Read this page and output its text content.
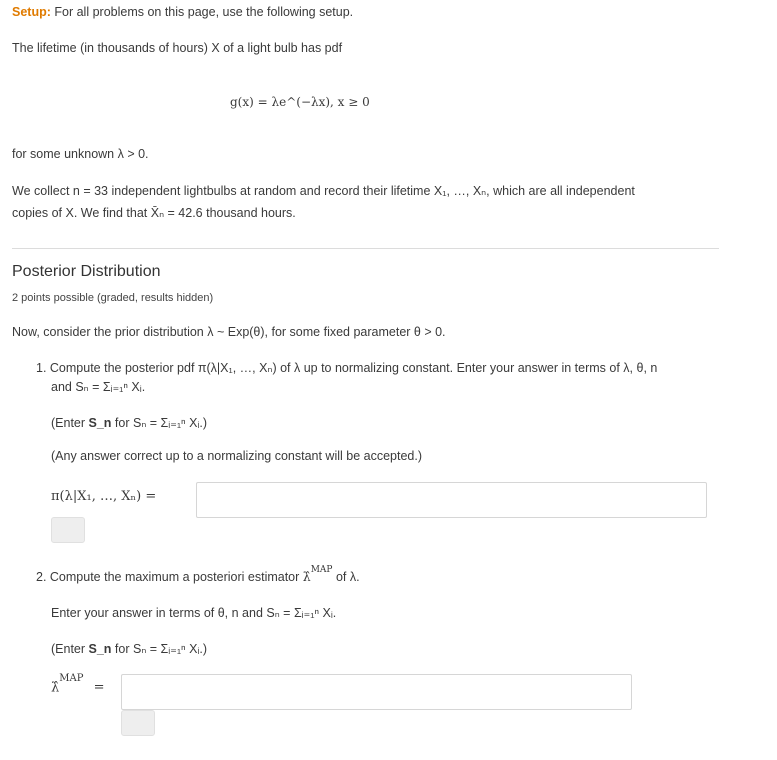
Setup: For all problems on this page, use the following setup.
The lifetime (in thousands of hours) X of a light bulb has pdf
g(x) = λe^(−λx), x ≥ 0
for some unknown λ > 0.
We collect n = 33 independent lightbulbs at random and record their lifetime X₁, …, Xₙ, which are all independent
copies of X. We find that X̄ₙ = 42.6 thousand hours.
Posterior Distribution
2 points possible (graded, results hidden)
Now, consider the prior distribution λ ~ Exp(θ), for some fixed parameter θ > 0.
1. Compute the posterior pdf π(λ|X₁, …, Xₙ) of λ up to normalizing constant. Enter your answer in terms of λ, θ, n
and Sₙ = Σᵢ₌₁ⁿ Xᵢ.
(Enter S_n for Sₙ = Σᵢ₌₁ⁿ Xᵢ.)
(Any answer correct up to a normalizing constant will be accepted.)
π(λ|X₁, …, Xₙ) =
2. Compute the maximum a posteriori estimator λ̂$^{MAP}$ of λ.
Enter your answer in terms of θ, n and Sₙ = Σᵢ₌₁ⁿ Xᵢ.
(Enter S_n for Sₙ = Σᵢ₌₁ⁿ Xᵢ.)
λ̂$^{MAP}$ =
